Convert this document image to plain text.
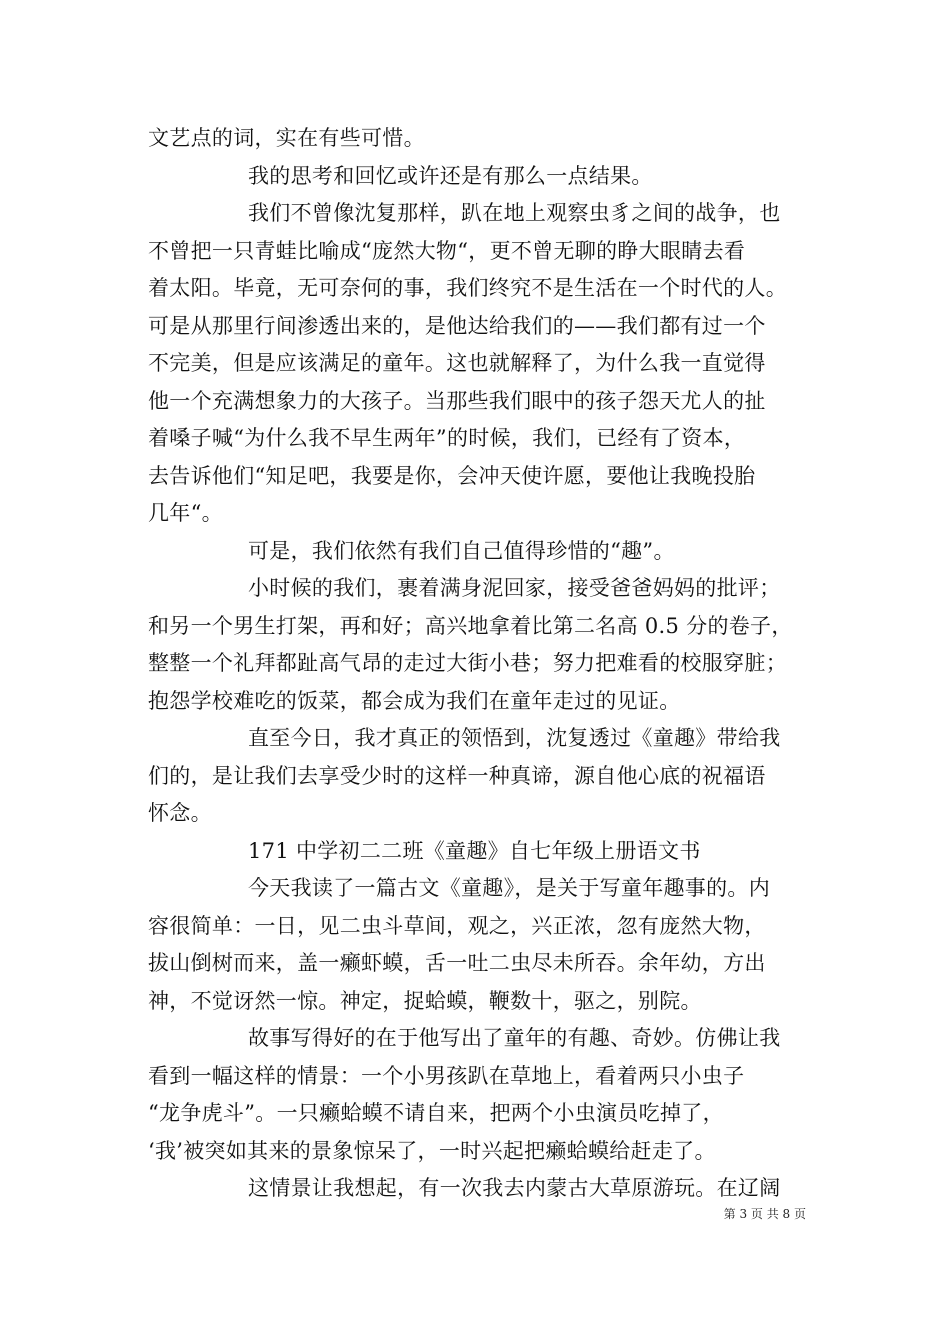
文艺点的词，实在有些可惜。
我的思考和回忆或许还是有那么一点结果。
我们不曾像沈复那样，趴在地上观察虫豸之间的战争，也
不曾把一只青蛙比喻成“庞然大物“，更不曾无聊的睁大眼睛去看
着太阳。毕竟，无可奈何的事，我们终究不是生活在一个时代的人。
可是从那里行间渗透出来的，是他达给我们的——我们都有过一个
不完美，但是应该满足的童年。这也就解释了，为什么我一直觉得
他一个充满想象力的大孩子。当那些我们眼中的孩子怨天尤人的扯
着嗓子喊“为什么我不早生两年”的时候，我们，已经有了资本，
去告诉他们“知足吧，我要是你，会冲天使许愿，要他让我晚投胎
几年“。
可是，我们依然有我们自己值得珍惜的“趣”。
小时候的我们，裹着满身泥回家，接受爸爸妈妈的批评；
和另一个男生打架，再和好；高兴地拿着比第二名高 0.5 分的卷子，
整整一个礼拜都趾高气昂的走过大街小巷；努力把难看的校服穿脏；
抱怨学校难吃的饭菜，都会成为我们在童年走过的见证。
直至今日，我才真正的领悟到，沈复透过《童趣》带给我
们的，是让我们去享受少时的这样一种真谛，源自他心底的祝福语
怀念。
171 中学初二二班《童趣》自七年级上册语文书
今天我读了一篇古文《童趣》，是关于写童年趣事的。内
容很简单：一日，见二虫斗草间，观之，兴正浓，忽有庞然大物，
拔山倒树而来，盖一癞虾蟆，舌一吐二虫尽未所吞。余年幼，方出
神，不觉讶然一惊。神定，捉蛤蟆，鞭数十，驱之，别院。
故事写得好的在于他写出了童年的有趣、奇妙。仿佛让我
看到一幅这样的情景：一个小男孩趴在草地上，看着两只小虫子
“龙争虎斗”。一只癞蛤蟆不请自来，把两个小虫演员吃掉了，
‘我’被突如其来的景象惊呆了，一时兴起把癞蛤蟆给赶走了。
这情景让我想起，有一次我去内蒙古大草原游玩。在辽阔
第 3 页 共 8 页
